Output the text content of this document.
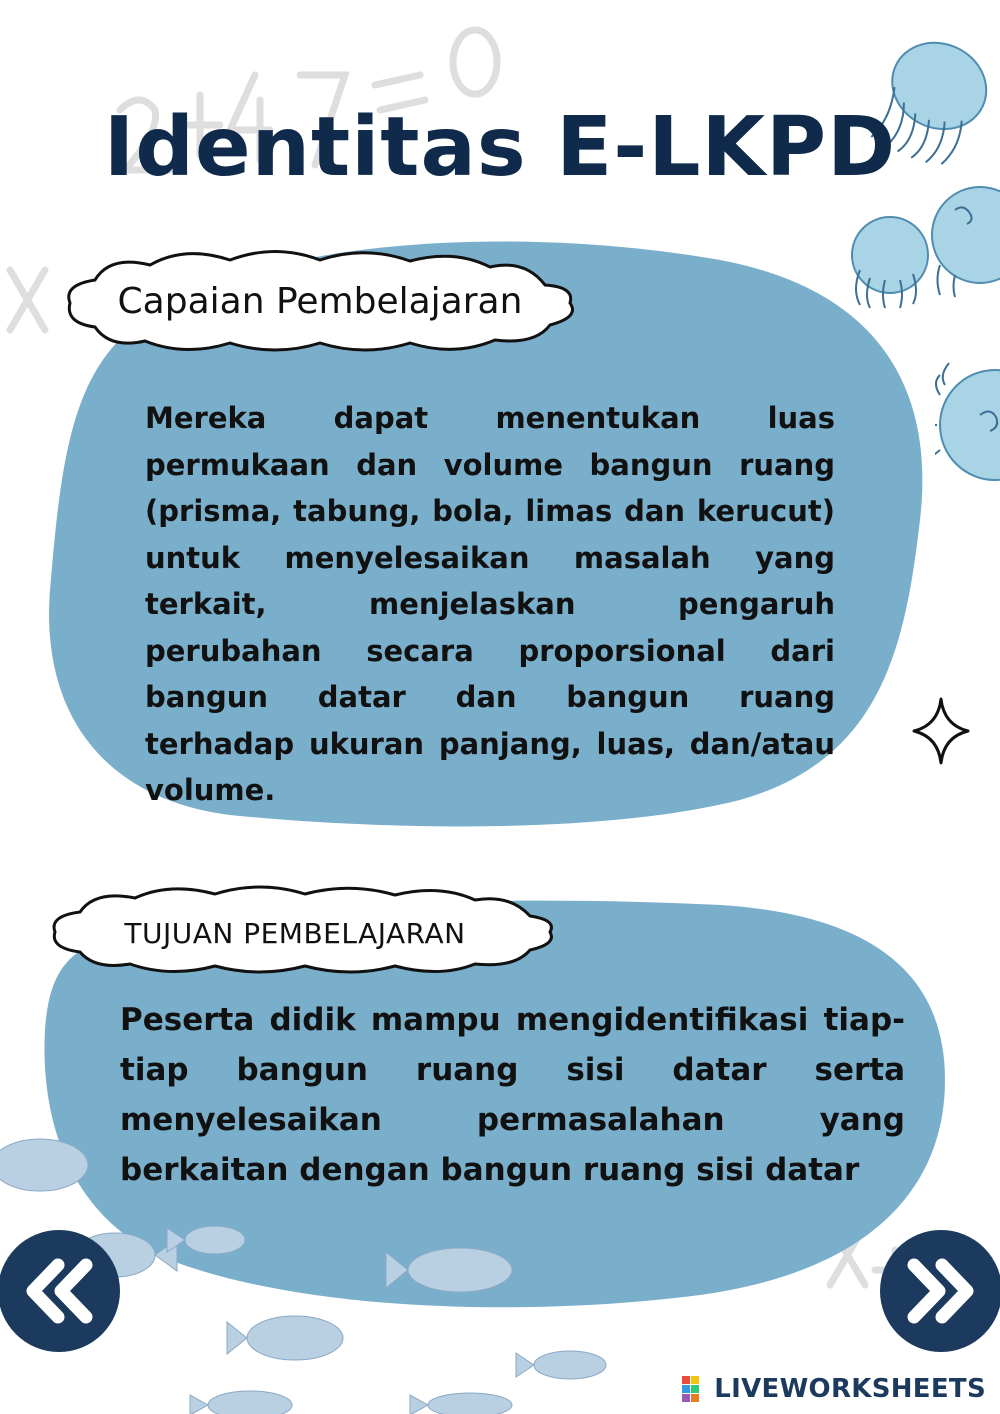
Identitas E-LKPD
Capaian Pembelajaran

Mereka dapat menentukan luas permukaan dan volume bangun ruang (prisma, tabung, bola, limas dan kerucut) untuk menyelesaikan masalah yang terkait, menjelaskan pengaruh perubahan secara proporsional dari bangun datar dan bangun ruang terhadap ukuran panjang, luas, dan/atau volume.

TUJUAN PEMBELAJARAN

Peserta didik mampu mengidentifikasi tiap-tiap bangun ruang sisi datar serta menyelesaikan permasalahan yang berkaitan dengan bangun ruang sisi datar

LIVEWORKSHEETS
